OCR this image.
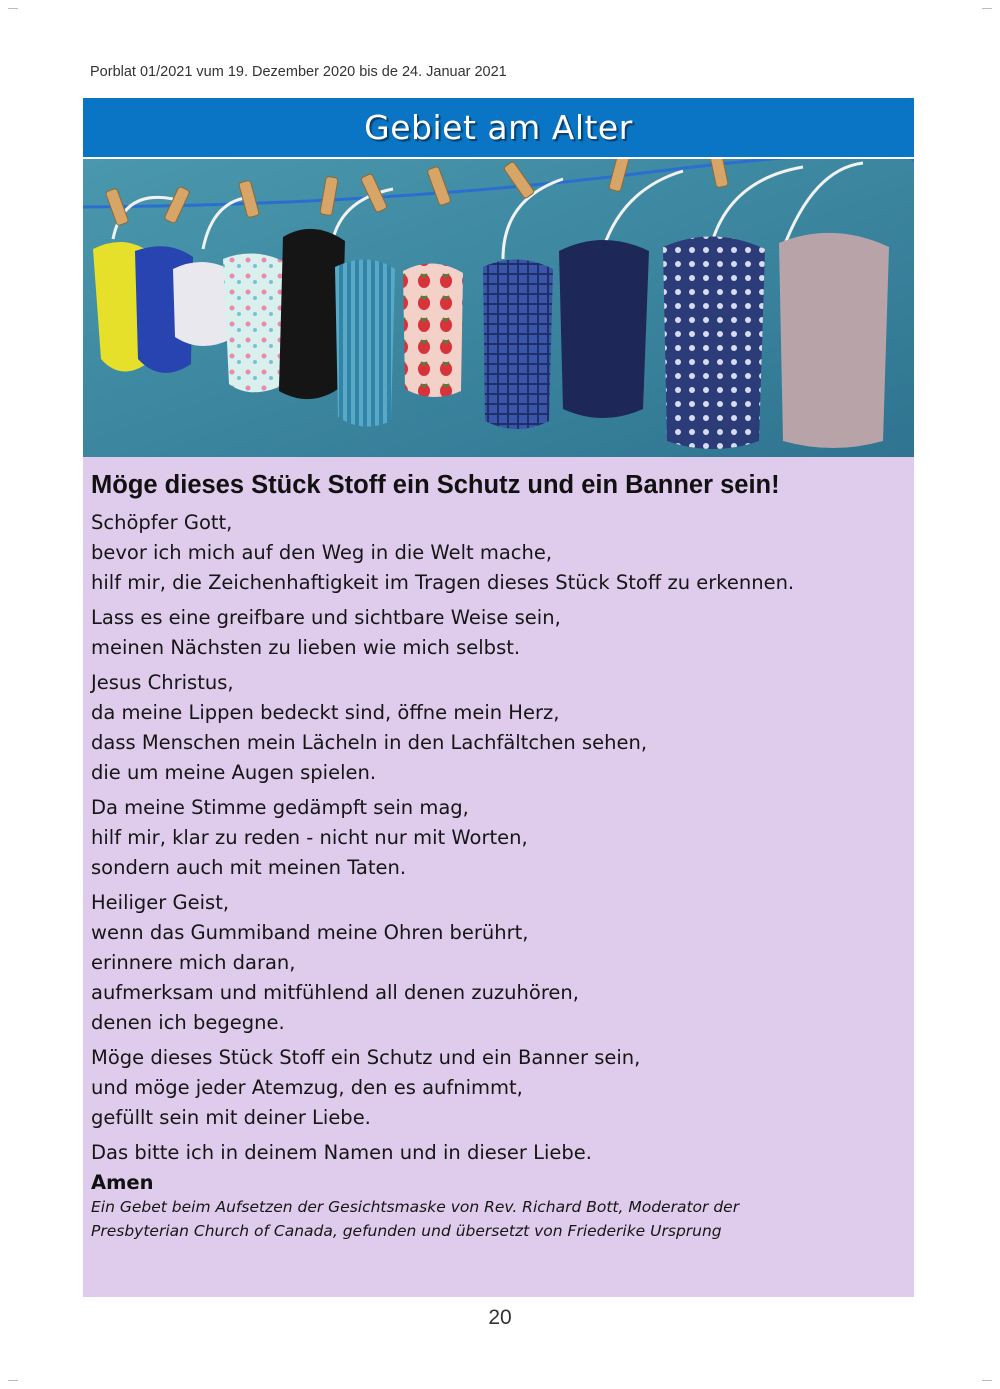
Porblat 01/2021 vum 19. Dezember 2020 bis de 24. Januar 2021
Gebiet am Alter
Möge dieses Stück Stoff ein Schutz und ein Banner sein!
Schöpfer Gott,
bevor ich mich auf den Weg in die Welt mache,
hilf mir, die Zeichenhaftigkeit im Tragen dieses Stück Stoff zu erkennen.
Lass es eine greifbare und sichtbare Weise sein,
meinen Nächsten zu lieben wie mich selbst.
Jesus Christus,
da meine Lippen bedeckt sind, öffne mein Herz,
dass Menschen mein Lächeln in den Lachfältchen sehen,
die um meine Augen spielen.
Da meine Stimme gedämpft sein mag,
hilf mir, klar zu reden - nicht nur mit Worten,
sondern auch mit meinen Taten.
Heiliger Geist,
wenn das Gummiband meine Ohren berührt,
erinnere mich daran,
aufmerksam und mitfühlend all denen zuzuhören,
denen ich begegne.
Möge dieses Stück Stoff ein Schutz und ein Banner sein,
und möge jeder Atemzug, den es aufnimmt,
gefüllt sein mit deiner Liebe.
Das bitte ich in deinem Namen und in dieser Liebe.
Amen
Ein Gebet beim Aufsetzen der Gesichtsmaske von Rev. Richard Bott, Moderator der
Presbyterian Church of Canada, gefunden und übersetzt von Friederike Ursprung
20
